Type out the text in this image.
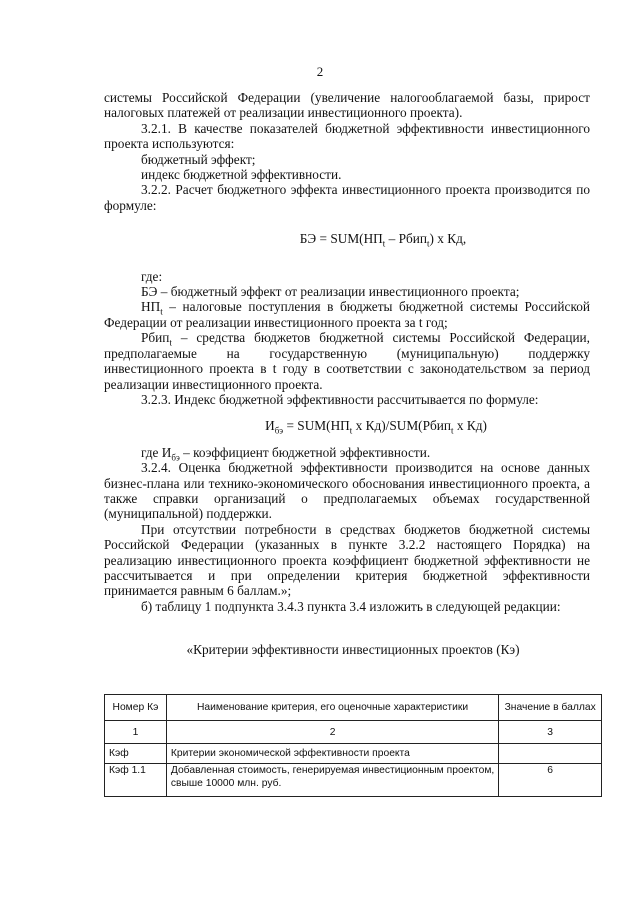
2

системы Российской Федерации (увеличение налогооблагаемой базы, прирост

налоговых платежей от реализации инвестиционного проекта).

3.2.1. В качестве показателей бюджетной эффективности инвестиционного проекта используются:

бюджетный эффект;

индекс бюджетной эффективности.

3.2.2. Расчет бюджетного эффекта инвестиционного проекта производится по формуле:

БЭ = $SUM(НП_t$ – Рбип$_t$) x Кд,

где:

БЭ – бюджетный эффект от реализации инвестиционного проекта;

$НП_t$ – налоговые поступления в бюджеты бюджетной системы Российской Федерации от реализации инвестиционного проекта за t год;

Рбип$_t$ – средства бюджетов бюджетной системы Российской Федерации,

предполагаемые на государственную (муниципальную) поддержку

инвестиционного проекта в t году в соответствии с законодательством за период реализации инвестиционного проекта.

3.2.3. Индекс бюджетной эффективности рассчитывается по формуле:

$И_{бэ} = SUM(НП_t$ x Кд)/SUM(Рбип$_t$ x Кд)

где $И_{бэ}$ – коэффициент бюджетной эффективности.

3.2.4. Оценка бюджетной эффективности производится на основе данных бизнес-плана или технико-экономического обоснования инвестиционного проекта, а также справки организаций о предполагаемых объемах государственной (муниципальной) поддержки.

При отсутствии потребности в средствах бюджетов бюджетной системы Российской Федерации (указанных в пункте 3.2.2 настоящего Порядка) на реализацию инвестиционного проекта коэффициент бюджетной эффективности не рассчитывается и при определении критерия бюджетной эффективности принимается равным 6 баллам.»;

б) таблицу 1 подпункта 3.4.3 пункта 3.4 изложить в следующей редакции:

«Критерии эффективности инвестиционных проектов (Кэ)

Номер Кэ	Наименование критерия, его оценочные характеристики	Значение в баллах
1	2	3
Кэф	Критерии экономической эффективности проекта	
Кэф 1.1	Добавленная стоимость, генерируемая инвестиционным проектом, свыше 10000 млн. руб.	6
